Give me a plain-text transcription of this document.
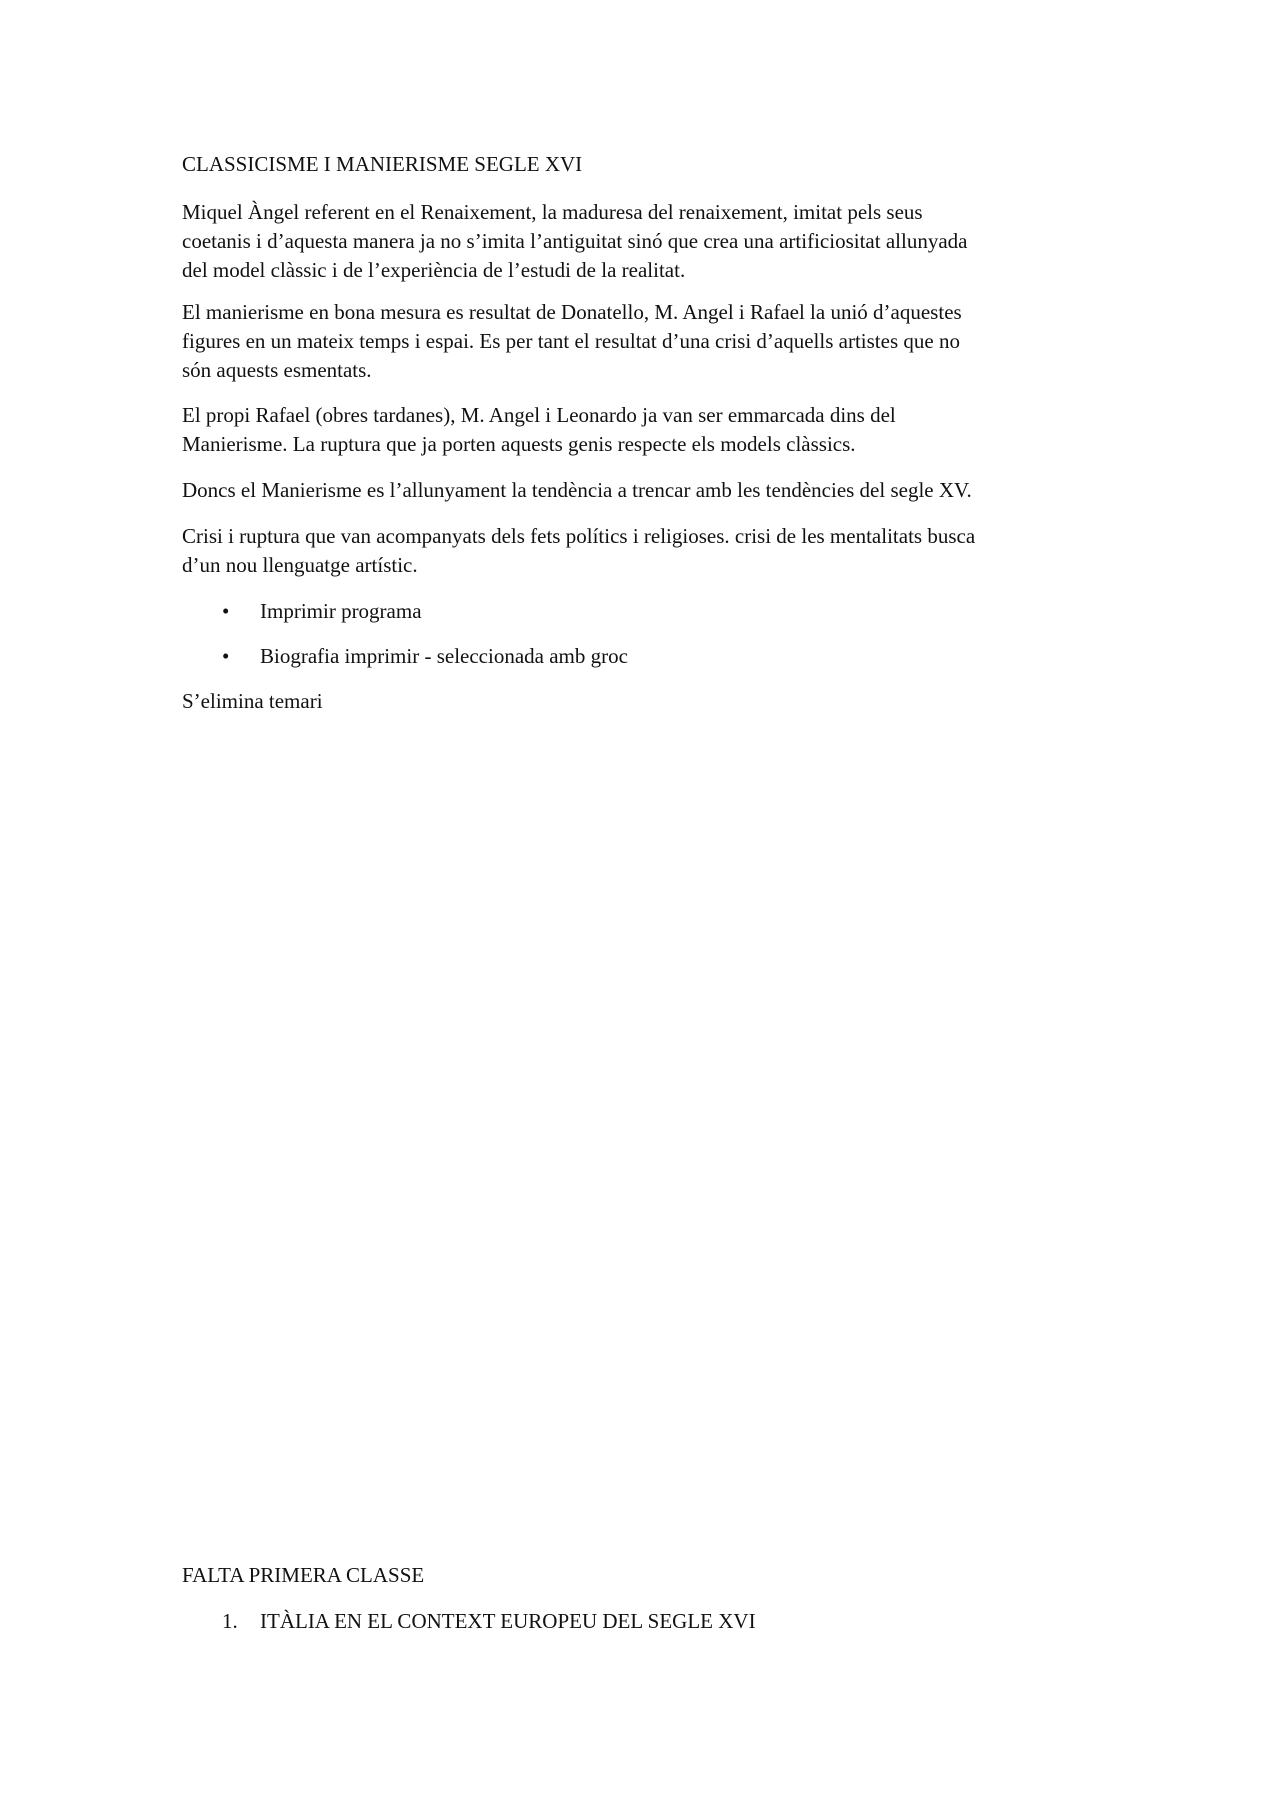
CLASSICISME I MANIERISME SEGLE XVI
Miquel Àngel referent en el Renaixement, la maduresa del renaixement, imitat pels seus
coetanis i d’aquesta manera ja no s’imita l’antiguitat sinó que crea una artificiositat allunyada
del model clàssic i de l’experiència de l’estudi de la realitat.
El manierisme en bona mesura es resultat de Donatello, M. Angel i Rafael la unió d’aquestes
figures en un mateix temps i espai. Es per tant el resultat d’una crisi d’aquells artistes que no
són aquests esmentats.
El propi Rafael (obres tardanes), M. Angel i Leonardo ja van ser emmarcada dins del
Manierisme. La ruptura que ja porten aquests genis respecte els models clàssics.
Doncs el Manierisme es l’allunyament la tendència a trencar amb les tendències del segle XV.
Crisi i ruptura que van acompanyats dels fets polítics i religioses. crisi de les mentalitats busca
d’un nou llenguatge artístic.
• Imprimir programa
• Biografia imprimir - seleccionada amb groc
S’elimina temari
FALTA PRIMERA CLASSE
1. ITÀLIA EN EL CONTEXT EUROPEU DEL SEGLE XVI
